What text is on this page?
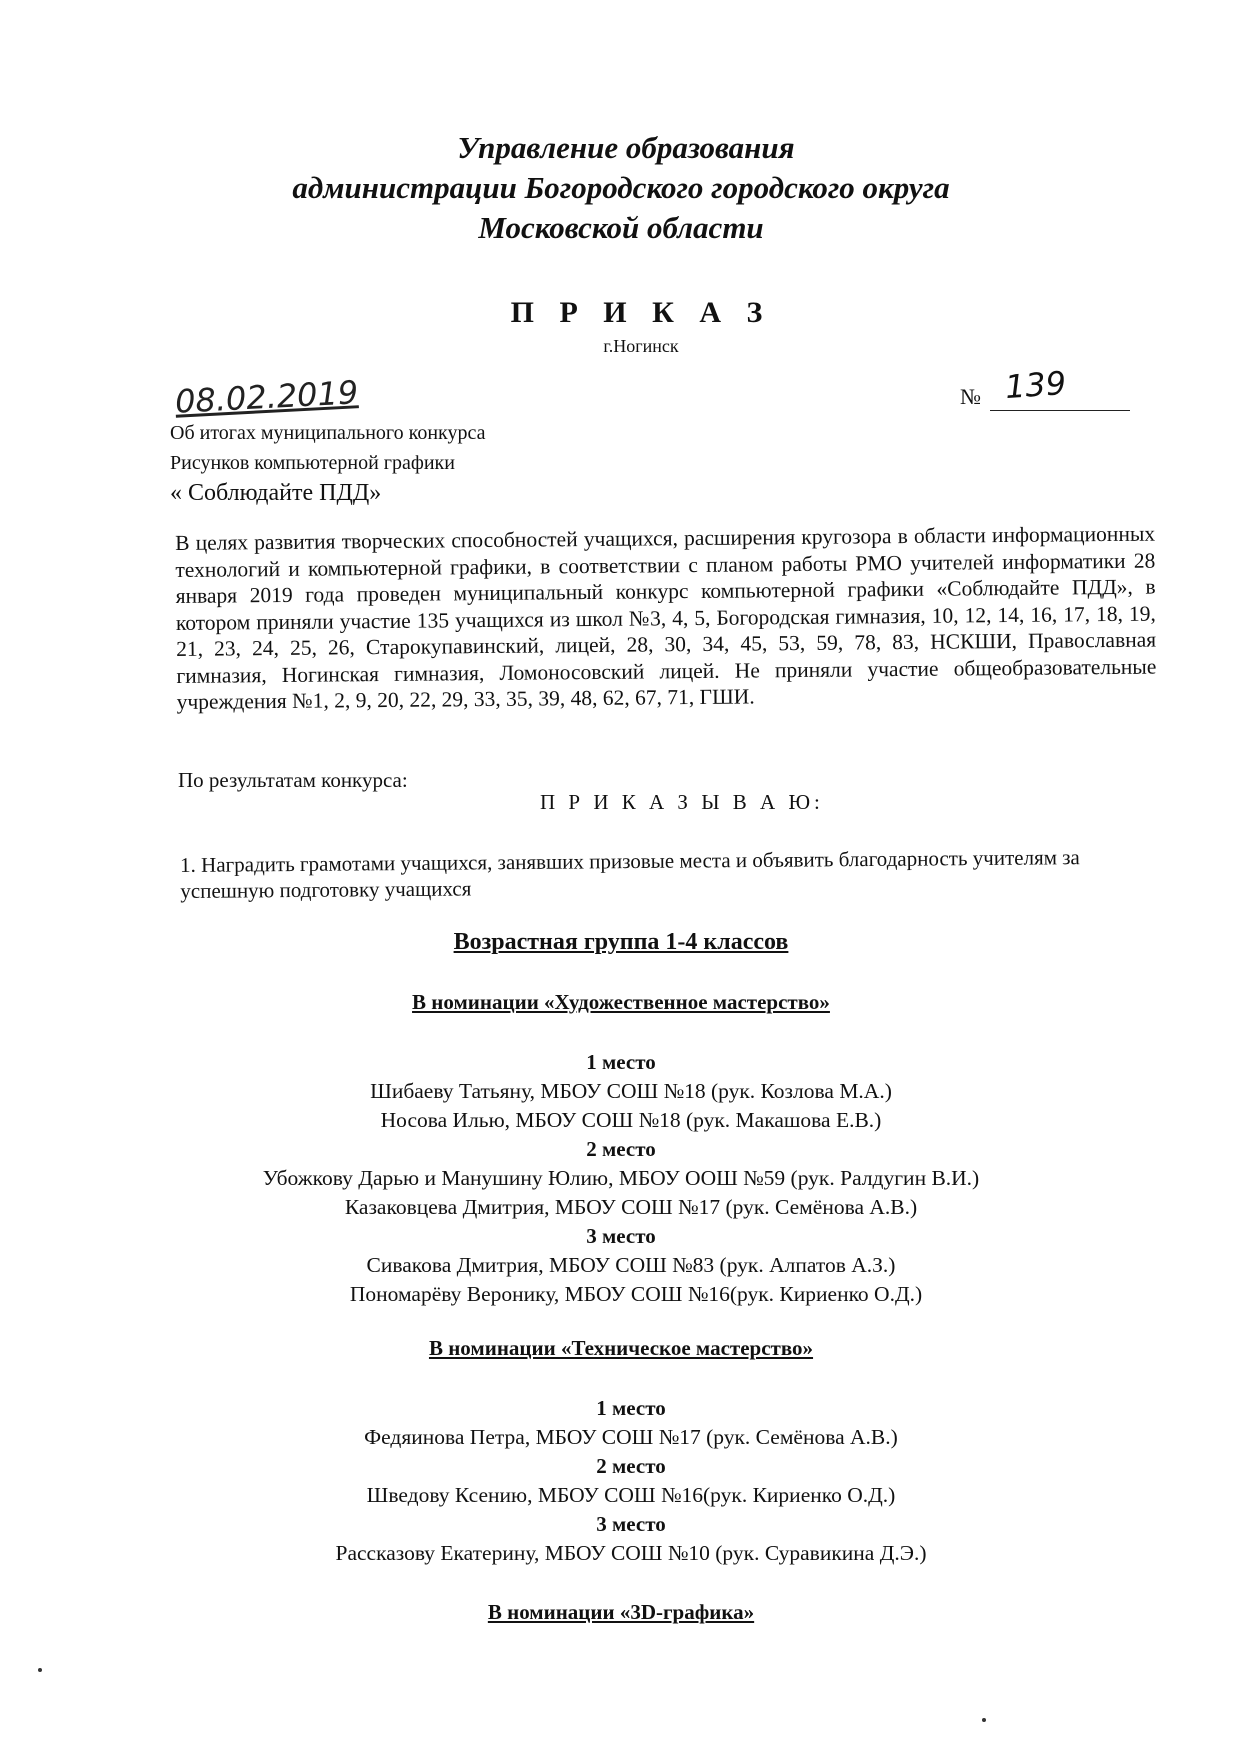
Управление образования
администрации Богородского городского округа
Московской области
П Р И К А З
г.Ногинск
08.02.2019	№ 139
Об итогах муниципального конкурса
Рисунков компьютерной графики
« Соблюдайте ПДД»
В целях развития творческих способностей учащихся, расширения кругозора в области информационных технологий и компьютерной графики, в соответствии с планом работы РМО учителей информатики 28 января 2019 года проведен муниципальный конкурс компьютерной графики «Соблюдайте ПДД», в котором приняли участие 135 учащихся из школ №3, 4, 5, Богородская гимназия, 10, 12, 14, 16, 17, 18, 19, 21, 23, 24, 25, 26, Старокупавинский, лицей, 28, 30, 34, 45, 53, 59, 78, 83, НСКШИ, Православная гимназия, Ногинская гимназия, Ломоносовский лицей. Не приняли участие общеобразовательные учреждения №1, 2, 9, 20, 22, 29, 33, 35, 39, 48, 62, 67, 71, ГШИ.
По результатам конкурса:
П Р И К А З Ы В А Ю:
1. Наградить грамотами учащихся, занявших призовые места и объявить благодарность учителям за успешную подготовку учащихся
Возрастная группа 1-4 классов
В номинации «Художественное мастерство»
1 место
Шибаеву Татьяну, МБОУ СОШ №18 (рук. Козлова М.А.)
Носова Илью, МБОУ СОШ №18 (рук. Макашова Е.В.)
2 место
Убожкову Дарью и Манушину Юлию, МБОУ ООШ №59 (рук. Ралдугин В.И.)
Казаковцева Дмитрия, МБОУ СОШ №17 (рук. Семёнова А.В.)
3 место
Сивакова Дмитрия, МБОУ СОШ №83 (рук. Алпатов А.З.)
Пономарёву Веронику, МБОУ СОШ №16(рук. Кириенко О.Д.)
В номинации «Техническое мастерство»
1 место
Федяинова Петра, МБОУ СОШ №17 (рук. Семёнова А.В.)
2 место
Шведову Ксению, МБОУ СОШ №16(рук. Кириенко О.Д.)
3 место
Рассказову Екатерину, МБОУ СОШ №10 (рук. Суравикина Д.Э.)
В номинации «3D-графика»
